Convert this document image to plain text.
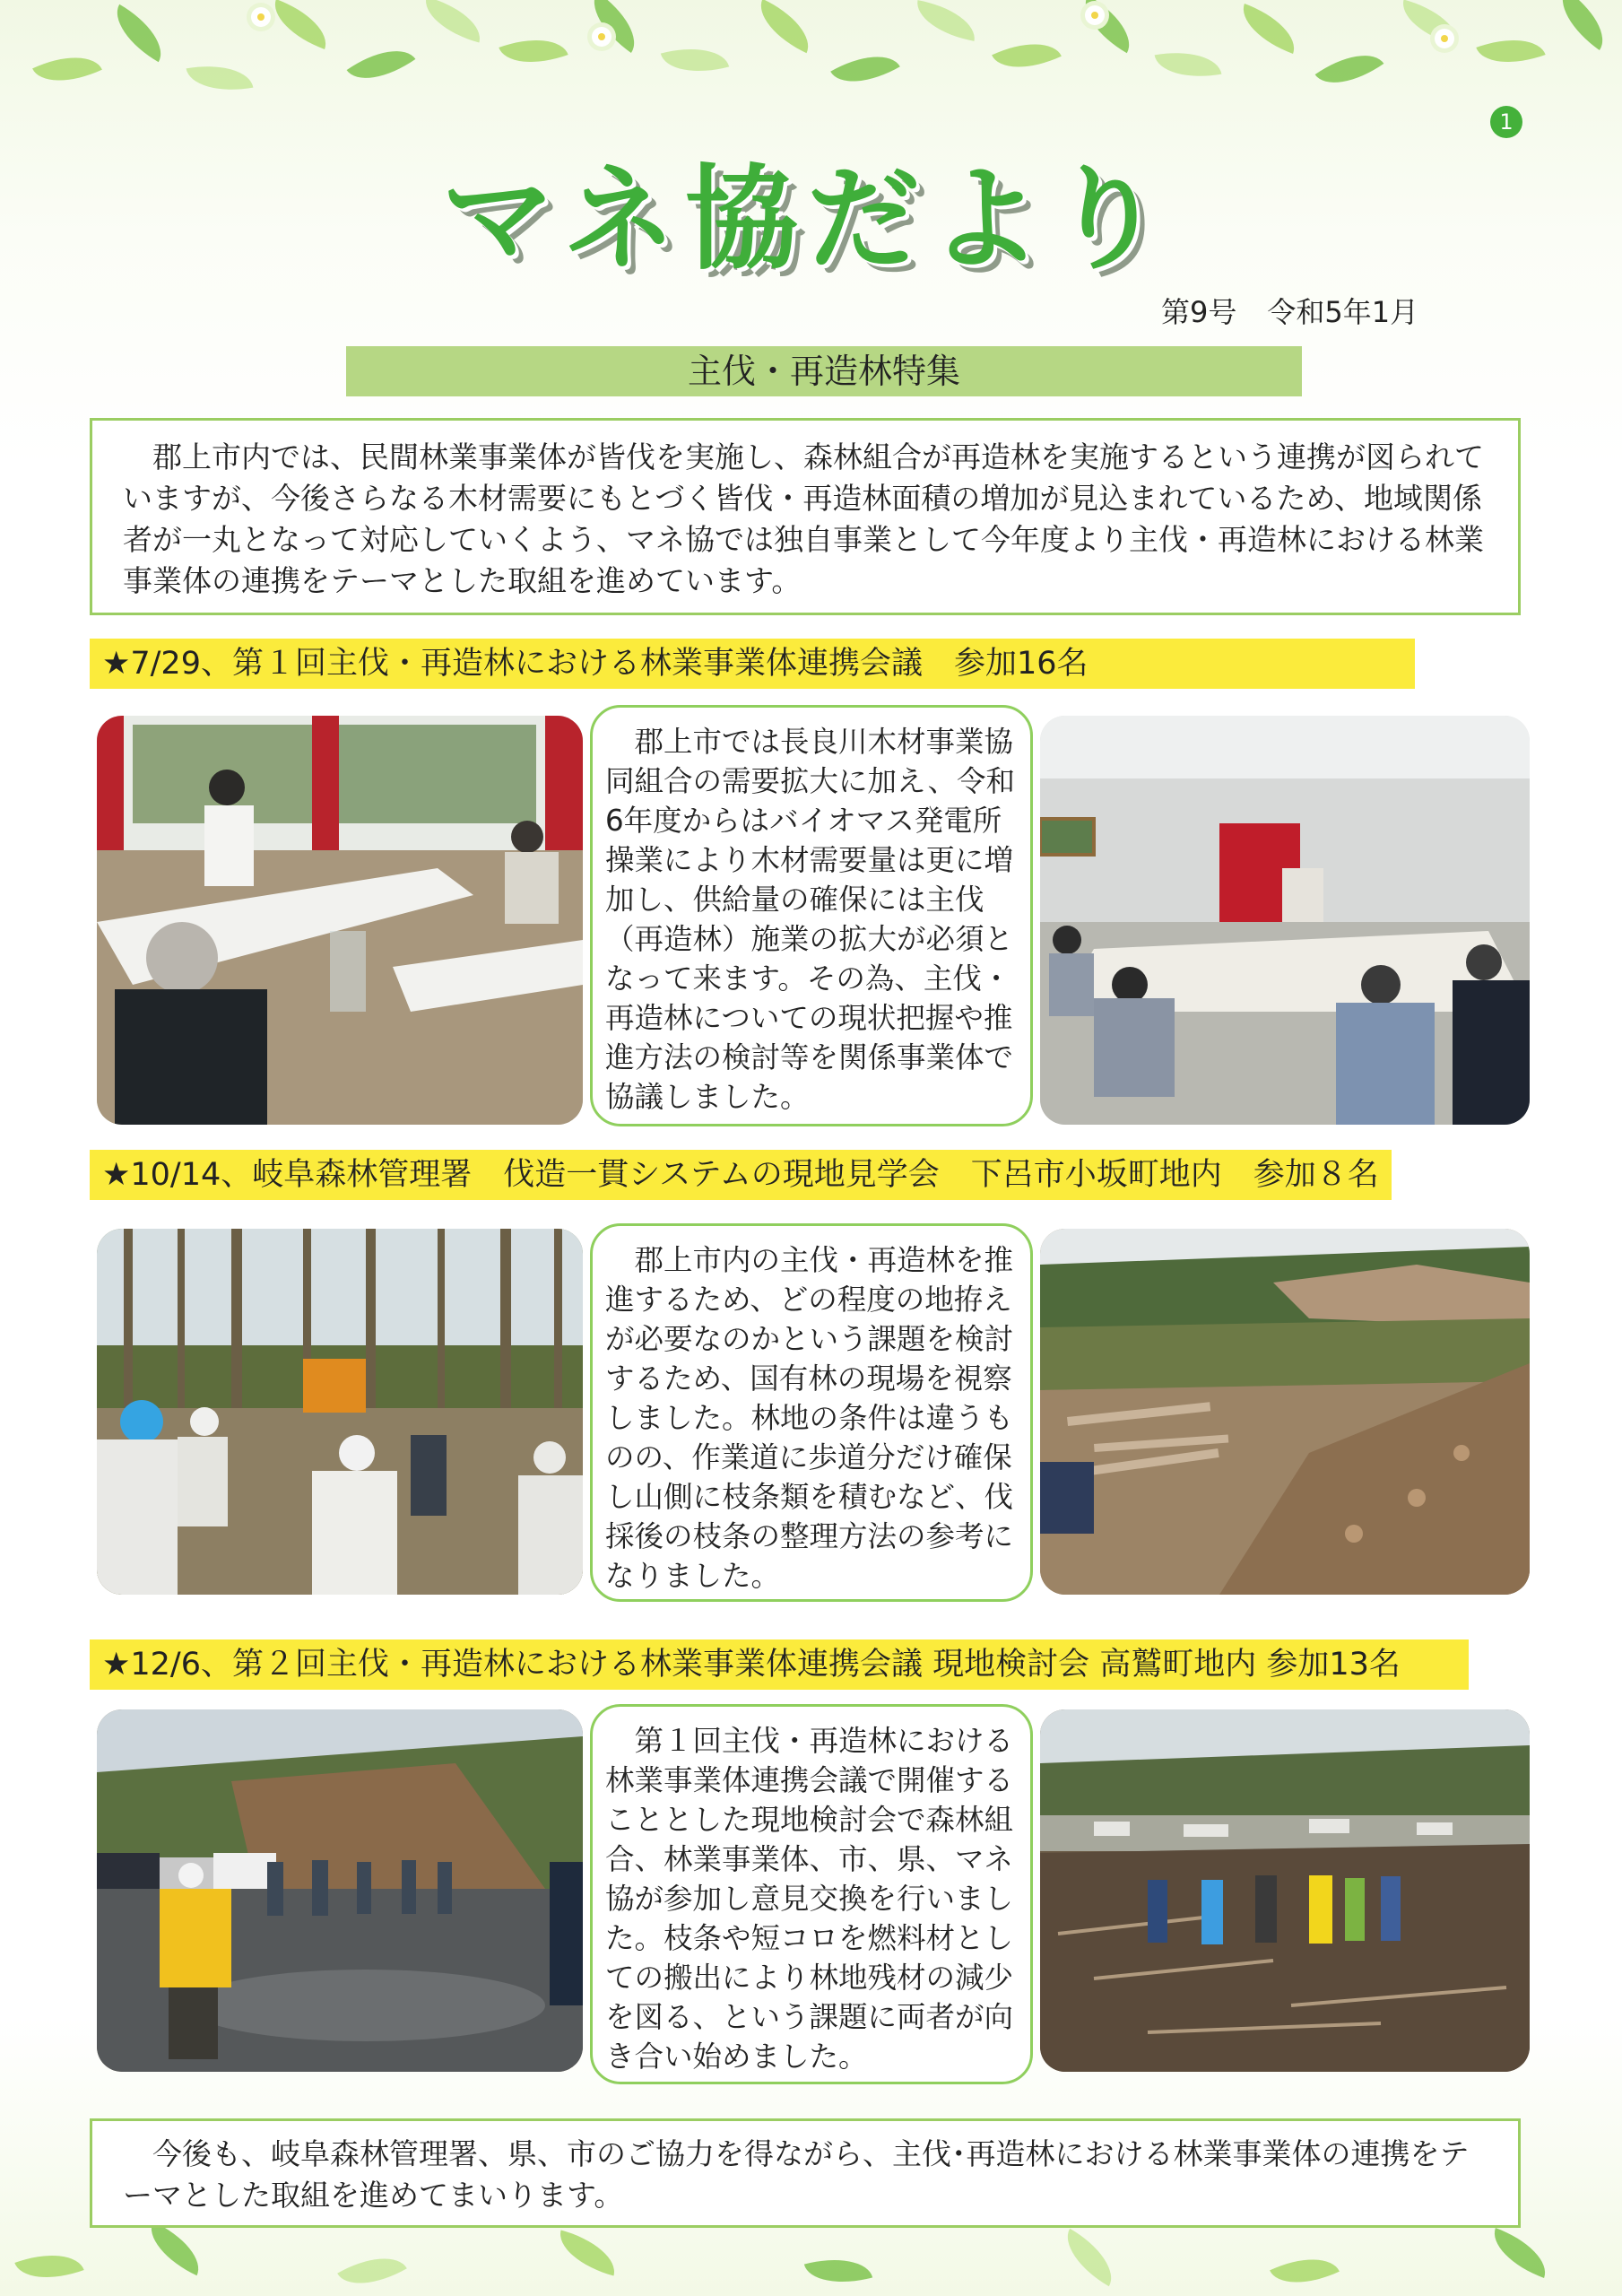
1
マネ協だより
第9号 令和5年1月
主伐・再造林特集

郡上市内では、民間林業事業体が皆伐を実施し、森林組合が再造林を実施するという連携が図られていますが、今後さらなる木材需要にもとづく皆伐・再造林面積の増加が見込まれているため、地域関係者が一丸となって対応していくよう、マネ協では独自事業として今年度より主伐・再造林における林業事業体の連携をテーマとした取組を進めています。

★7/29、第１回主伐・再造林における林業事業体連携会議　参加16名

郡上市では長良川木材事業協同組合の需要拡大に加え、令和6年度からはバイオマス発電所操業により木材需要量は更に増加し、供給量の確保には主伐（再造林）施業の拡大が必須となって来ます。その為、主伐・再造林についての現状把握や推進方法の検討等を関係事業体で協議しました。

★10/14、岐阜森林管理署　伐造一貫システムの現地見学会　下呂市小坂町地内　参加８名

郡上市内の主伐・再造林を推進するため、どの程度の地拵えが必要なのかという課題を検討するため、国有林の現場を視察しました。林地の条件は違うものの、作業道に歩道分だけ確保し山側に枝条類を積むなど、伐採後の枝条の整理方法の参考になりました。

★12/6、第２回主伐・再造林における林業事業体連携会議 現地検討会 高鷲町地内 参加13名

第１回主伐・再造林における林業事業体連携会議で開催することとした現地検討会で森林組合、林業事業体、市、県、マネ協が参加し意見交換を行いました。枝条や短コロを燃料材としての搬出により林地残材の減少を図る、という課題に両者が向き合い始めました。

今後も、岐阜森林管理署、県、市のご協力を得ながら、主伐･再造林における林業事業体の連携をテーマとした取組を進めてまいります。
